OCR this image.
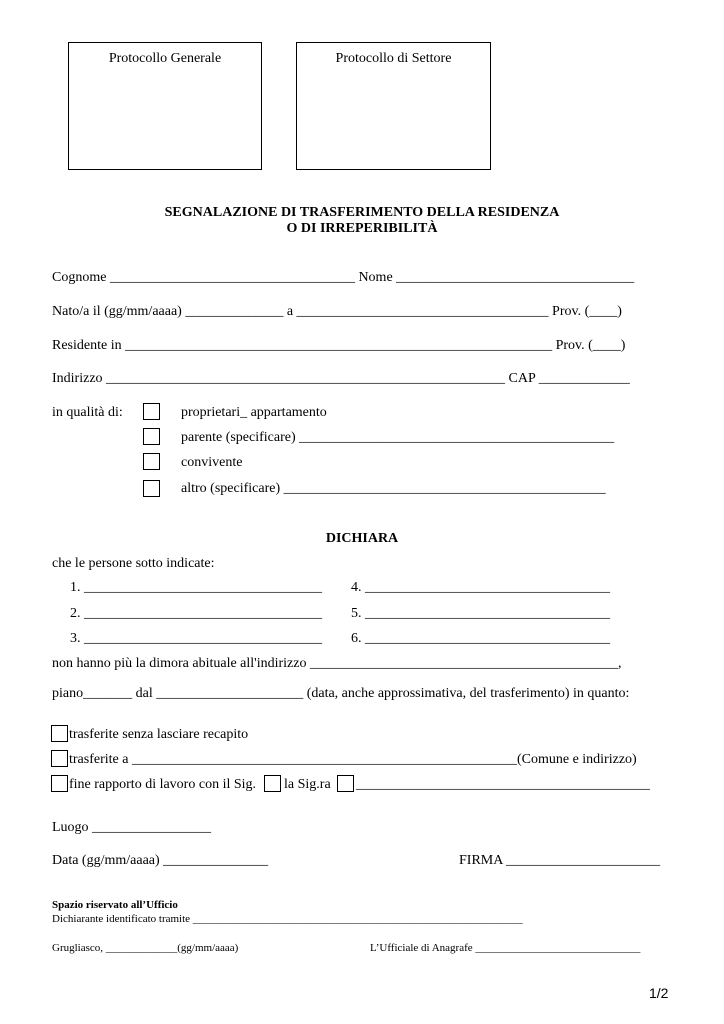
Protocollo Generale	Protocollo di Settore
SEGNALAZIONE DI TRASFERIMENTO DELLA RESIDENZA
O DI IRREPERIBILITÀ
Cognome ___________________________________ Nome __________________________________
Nato/a il (gg/mm/aaaa) ______________ a ____________________________________ Prov. (____)
Residente in _____________________________________________________________ Prov. (____)
Indirizzo _________________________________________________________ CAP _____________
in qualità di:	proprietari_ appartamento
parente (specificare) _____________________________________________
convivente
altro (specificare) ______________________________________________
DICHIARA
che le persone sotto indicate:
1. __________________________________
2. __________________________________
3. __________________________________
4. ___________________________________
5. ___________________________________
6. ___________________________________
non hanno più la dimora abituale all'indirizzo ____________________________________________,
piano_______ dal _____________________ (data, anche approssimativa, del trasferimento) in quanto:
trasferite senza lasciare recapito
trasferite a _______________________________________________________(Comune e indirizzo)
fine rapporto di lavoro con il Sig. la Sig.ra __________________________________________
Luogo _________________
Data (gg/mm/aaaa) _______________	FIRMA ______________________
Spazio riservato all’Ufficio
Dichiarante identificato tramite ____________________________________________________________
Grugliasco, _____________(gg/mm/aaaa)	L’Ufficiale di Anagrafe ______________________________
1/2
